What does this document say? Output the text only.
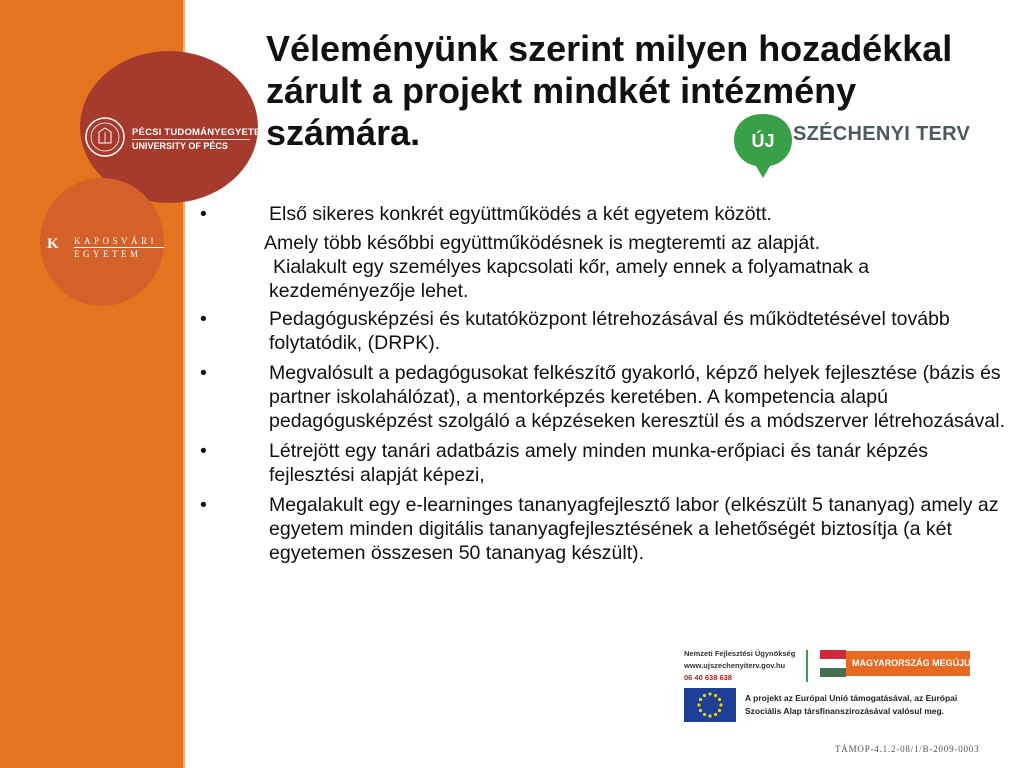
PÉCSI TUDOMÁNYEGYETEM
UNIVERSITY OF PÉCS
K KAPOSVÁRI
EGYETEM
Véleményünk szerint milyen hozadékkal zárult a projekt mindkét intézmény számára.	ÚJ SZÉCHENYI TERV
•	Első sikeres konkrét együttműködés a két egyetem között.

Amely több későbbi együttműködésnek is megteremti az alapját.

Kialakult egy személyes kapcsolati kőr, amely ennek a folyamatnak a kezdeményezője lehet.

•	Pedagógusképzési és kutatóközpont létrehozásával és működtetésével tovább folytatódik, (DRPK).
•	Megvalósult a pedagógusokat felkészítő gyakorló, képző helyek fejlesztése (bázis és partner iskolahálózat), a mentorképzés keretében. A kompetencia alapú pedagógusképzést szolgáló a képzéseken keresztül és a módszerver létrehozásával.
•	Létrejött egy tanári adatbázis amely minden munka-erőpiaci és tanár képzés fejlesztési alapját képezi,
•	Megalakult egy e-learninges tananyagfejlesztő labor (elkészült 5 tananyag) amely az egyetem minden digitális tananyagfejlesztésének a lehetőségét biztosítja (a két egyetemen összesen 50 tananyag készült).
Nemzeti Fejlesztési Ügynökség
www.ujszechenyiterv.gov.hu
06 40 638 638
MAGYARORSZÁG MEGÚJUL
A projekt az Európai Unió támogatásával, az Európai Szociális Alap társfinanszírozásával valósul meg.
TÁMOP-4.1.2-08/1/B-2009-0003
